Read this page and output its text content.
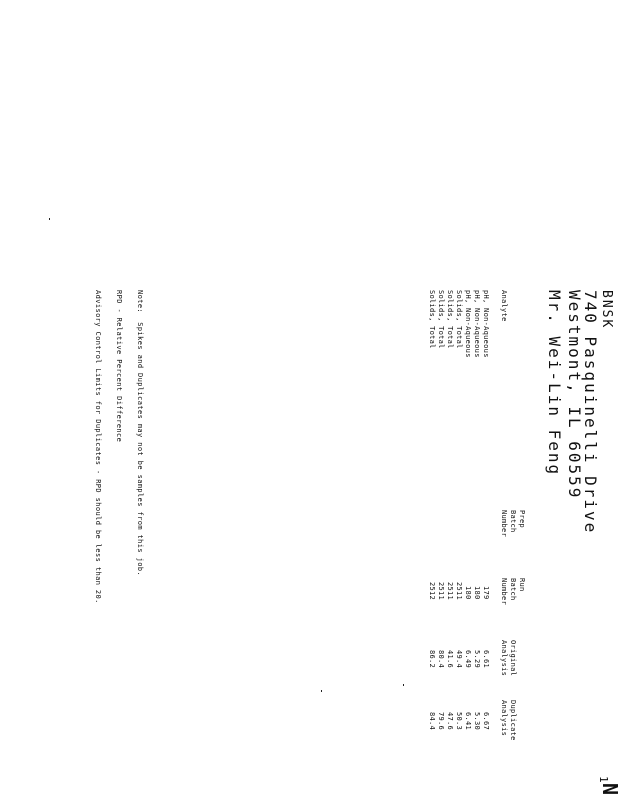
1
N
BNSK
740 Pasquinelli Drive
Westmont, IL 60559
Mr. Wei-Lin Feng
Analyte
Prep
Batch
Number
Run
Batch
Number
Original
Analysis
Duplicate
Analysis

pH, Non-Aqueous

179

6.61

6.67

pH, Non-Aqueous

180

5.29

5.30

pH, Non-Aqueous

180

6.49

6.41

Solids, Total

2511

49.4

50.3

Solids, Total

2511

41.6

47.6

Solids, Total

2511

80.4

79.6

Solids, Total

2512

86.2

84.4

Note:  Spikes and Duplicates may not be samples from this job.
RPD - Relative Percent Difference
Advisory Control Limits for Duplicates - RPD should be less than 20.
